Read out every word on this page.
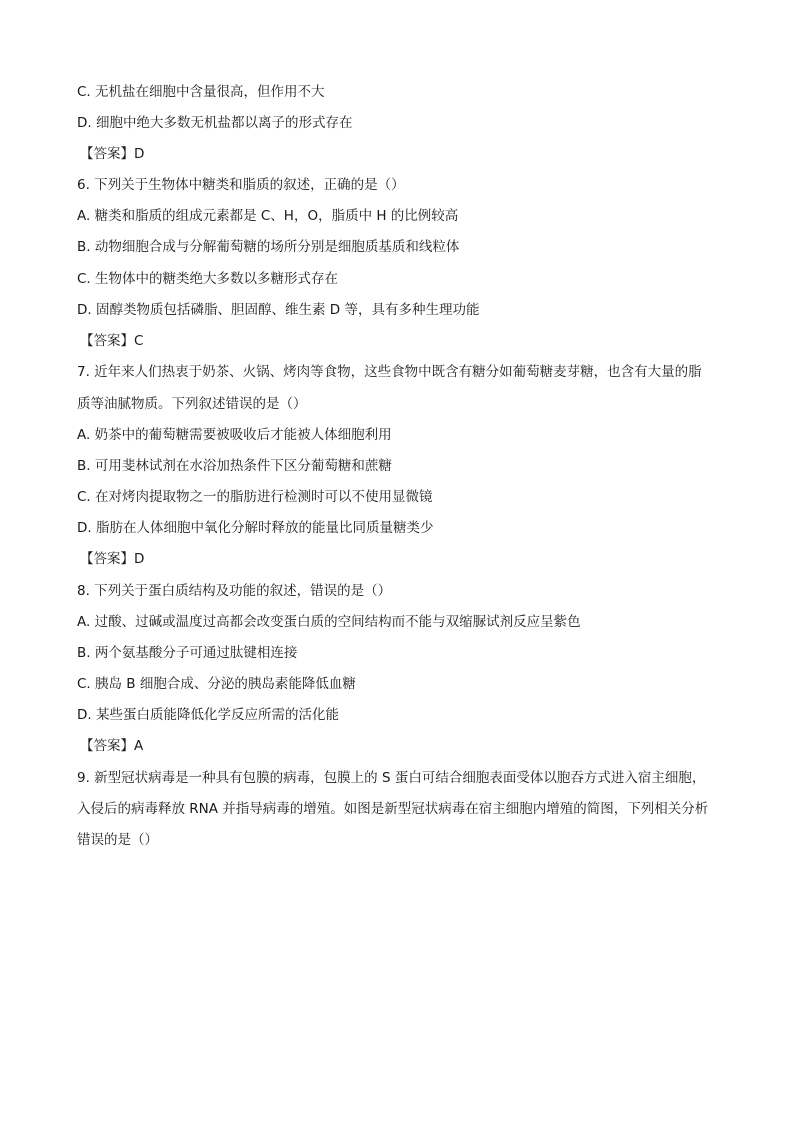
C. 无机盐在细胞中含量很高，但作用不大
D. 细胞中绝大多数无机盐都以离子的形式存在
【答案】D
6. 下列关于生物体中糖类和脂质的叙述，正确的是（）
A. 糖类和脂质的组成元素都是 C、H，O，脂质中 H 的比例较高
B. 动物细胞合成与分解葡萄糖的场所分别是细胞质基质和线粒体
C. 生物体中的糖类绝大多数以多糖形式存在
D. 固醇类物质包括磷脂、胆固醇、维生素 D 等，具有多种生理功能
【答案】C
7. 近年来人们热衷于奶茶、火锅、烤肉等食物，这些食物中既含有糖分如葡萄糖麦芽糖，也含有大量的脂
质等油腻物质。下列叙述错误的是（）
A. 奶茶中的葡萄糖需要被吸收后才能被人体细胞利用
B. 可用斐林试剂在水浴加热条件下区分葡萄糖和蔗糖
C. 在对烤肉提取物之一的脂肪进行检测时可以不使用显微镜
D. 脂肪在人体细胞中氧化分解时释放的能量比同质量糖类少
【答案】D
8. 下列关于蛋白质结构及功能的叙述，错误的是（）
A. 过酸、过碱或温度过高都会改变蛋白质的空间结构而不能与双缩脲试剂反应呈紫色
B. 两个氨基酸分子可通过肽键相连接
C. 胰岛 B 细胞合成、分泌的胰岛素能降低血糖
D. 某些蛋白质能降低化学反应所需的活化能
【答案】A
9. 新型冠状病毒是一种具有包膜的病毒，包膜上的 S 蛋白可结合细胞表面受体以胞吞方式进入宿主细胞，
入侵后的病毒释放 RNA 并指导病毒的增殖。如图是新型冠状病毒在宿主细胞内增殖的简图，下列相关分析
错误的是（）
